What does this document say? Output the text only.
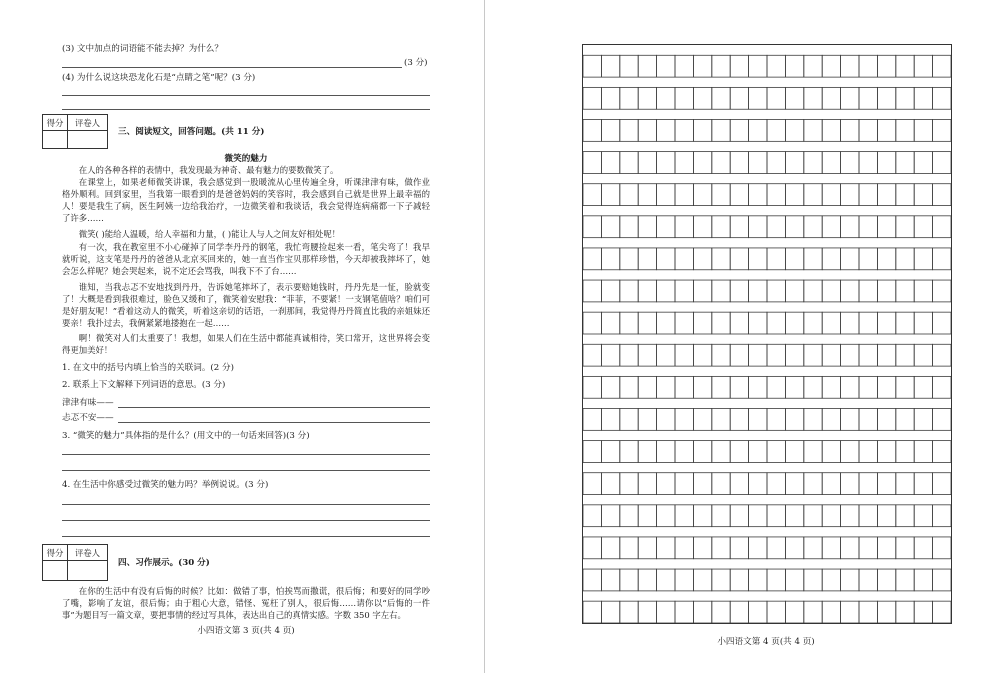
(3) 文中加点的词语能不能去掉？为什么？
(3 分)
(4) 为什么说这块恐龙化石是“点睛之笔”呢？(3 分)
得分	评卷人

三、阅读短文，回答问题。(共 11 分)
微笑的魅力
在人的各种各样的表情中，我发现最为神奇、最有魅力的要数微笑了。
在课堂上，如果老师微笑讲课，我会感觉到一股暖流从心里传遍全身，听课津津有味，做作业格外顺利。回到家里，当我第一眼看到的是爸爸妈妈的笑容时，我会感到自己就是世界上最幸福的人！要是我生了病，医生阿姨一边给我治疗，一边微笑着和我谈话，我会觉得连病痛都一下子减轻了许多……
微笑( )能给人温暖，给人幸福和力量，( )能让人与人之间友好相处呢！
有一次，我在教室里不小心碰掉了同学李丹丹的钢笔，我忙弯腰捡起来一看，笔尖弯了！我早就听说，这支笔是丹丹的爸爸从北京买回来的，她一直当作宝贝那样珍惜，今天却被我摔坏了，她会怎么样呢？她会哭起来，说不定还会骂我，叫我下不了台……
谁知，当我忐忑不安地找到丹丹，告诉她笔摔坏了，表示要赔她钱时，丹丹先是一怔，脸就变了！大概是看到我很难过，脸色又缓和了，微笑着安慰我：“菲菲，不要紧！一支钢笔值啥？咱们可是好朋友呢！”看着这动人的微笑，听着这亲切的话语，一刹那间，我觉得丹丹简直比我的亲姐妹还要亲！我扑过去，我俩紧紧地搂抱在一起……
啊！微笑对人们太重要了！我想，如果人们在生活中都能真诚相待，笑口常开，这世界将会变得更加美好！
1. 在文中的括号内填上恰当的关联词。(2 分)
2. 联系上下文解释下列词语的意思。(3 分)
津津有味——
忐忑不安——
3. “微笑的魅力”具体指的是什么？(用文中的一句话来回答)(3 分)
4. 在生活中你感受过微笑的魅力吗？举例说说。(3 分)
得分	评卷人

四、习作展示。(30 分)
在你的生活中有没有后悔的时候？比如：做错了事，怕挨骂而撒谎，很后悔；和要好的同学吵了嘴，影响了友谊，很后悔；由于粗心大意，错怪、冤枉了别人，很后悔……请你以“后悔的一件事”为题目写一篇文章，要把事情的经过写具体，表达出自己的真情实感。字数 350 字左右。
小四语文第 3 页(共 4 页)
小四语文第 4 页(共 4 页)
